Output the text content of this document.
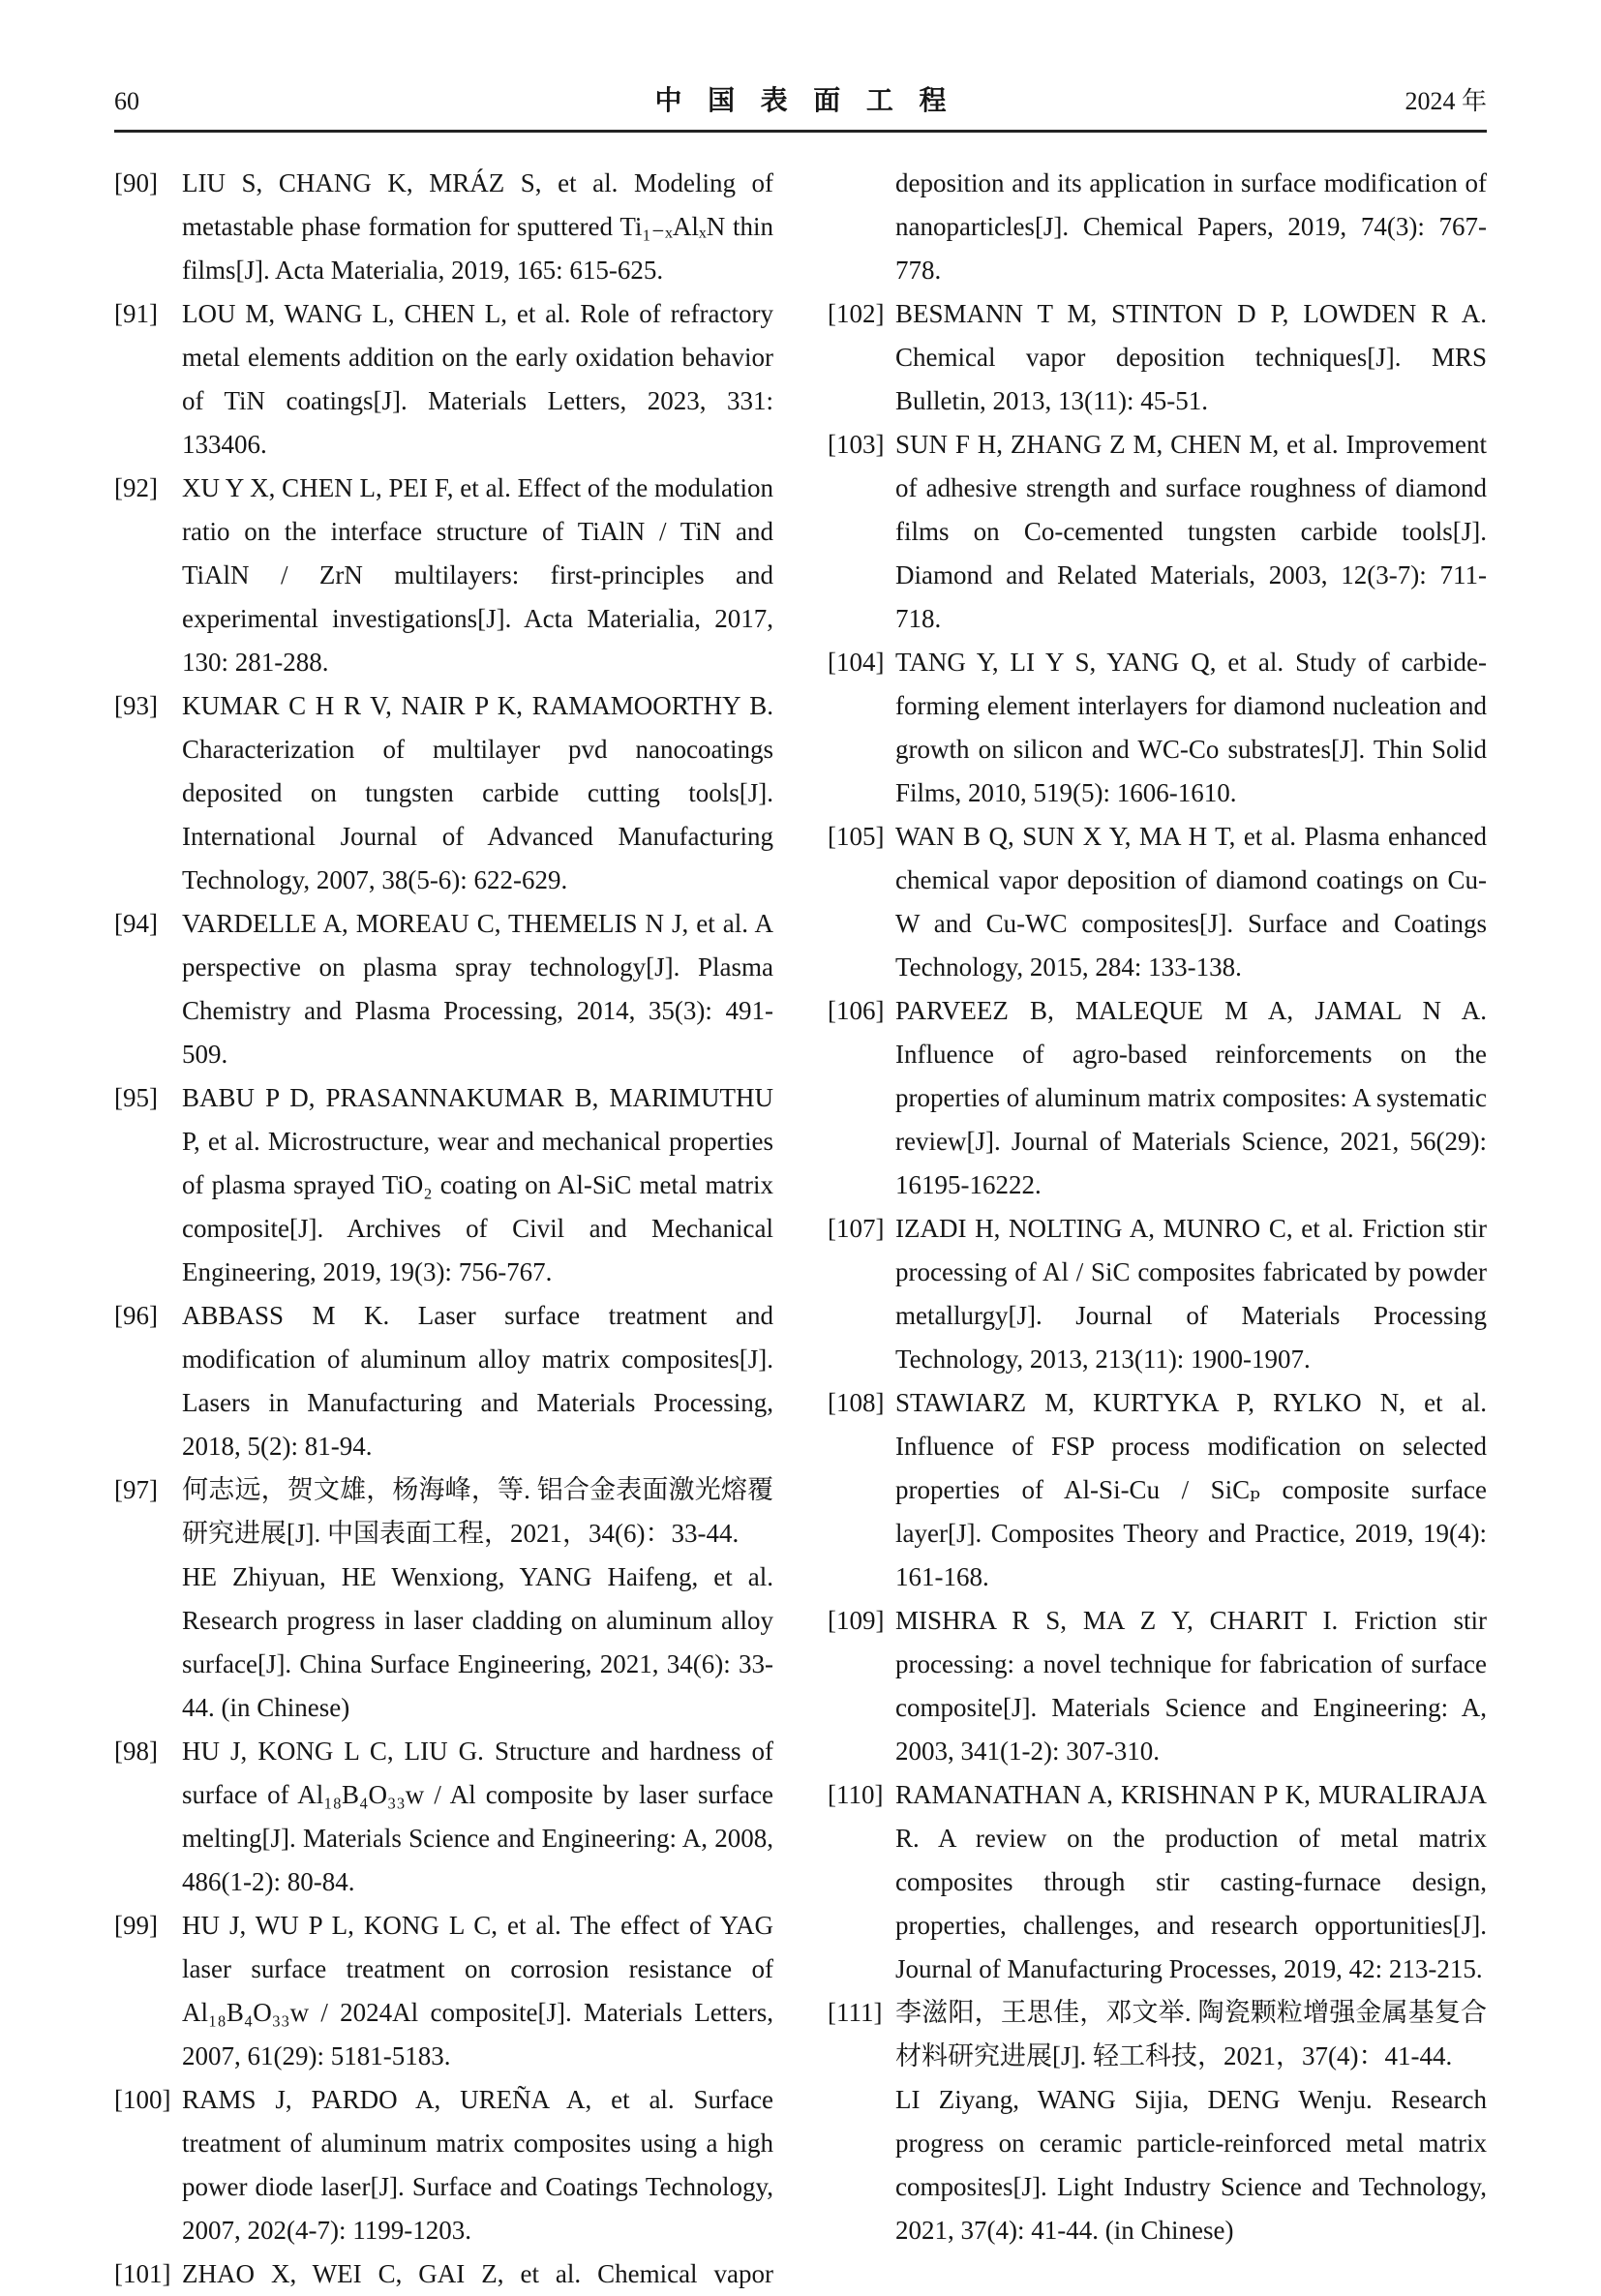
60	中国表面工程	2024 年

[90] LIU S, CHANG K, MRÁZ S, et al. Modeling of metastable phase formation for sputtered Ti₁₋ₓAlₓN thin films[J]. Acta Materialia, 2019, 165: 615-625.

[91] LOU M, WANG L, CHEN L, et al. Role of refractory metal elements addition on the early oxidation behavior of TiN coatings[J]. Materials Letters, 2023, 331: 133406.

[92] XU Y X, CHEN L, PEI F, et al. Effect of the modulation ratio on the interface structure of TiAlN / TiN and TiAlN / ZrN multilayers: first-principles and experimental investigations[J]. Acta Materialia, 2017, 130: 281-288.

[93] KUMAR C H R V, NAIR P K, RAMAMOORTHY B. Characterization of multilayer pvd nanocoatings deposited on tungsten carbide cutting tools[J]. International Journal of Advanced Manufacturing Technology, 2007, 38(5-6): 622-629.

[94] VARDELLE A, MOREAU C, THEMELIS N J, et al. A perspective on plasma spray technology[J]. Plasma Chemistry and Plasma Processing, 2014, 35(3): 491-509.

[95] BABU P D, PRASANNAKUMAR B, MARIMUTHU P, et al. Microstructure, wear and mechanical properties of plasma sprayed TiO₂ coating on Al-SiC metal matrix composite[J]. Archives of Civil and Mechanical Engineering, 2019, 19(3): 756-767.

[96] ABBASS M K. Laser surface treatment and modification of aluminum alloy matrix composites[J]. Lasers in Manufacturing and Materials Processing, 2018, 5(2): 81-94.

[97] 何志远，贺文雄，杨海峰，等. 铝合金表面激光熔覆研究进展[J]. 中国表面工程，2021，34(6)：33-44.

HE Zhiyuan, HE Wenxiong, YANG Haifeng, et al. Research progress in laser cladding on aluminum alloy surface[J]. China Surface Engineering, 2021, 34(6): 33-44. (in Chinese)

[98] HU J, KONG L C, LIU G. Structure and hardness of surface of Al₁₈B₄O₃₃w / Al composite by laser surface melting[J]. Materials Science and Engineering: A, 2008, 486(1-2): 80-84.

[99] HU J, WU P L, KONG L C, et al. The effect of YAG laser surface treatment on corrosion resistance of Al₁₈B₄O₃₃w / 2024Al composite[J]. Materials Letters, 2007, 61(29): 5181-5183.

[100] RAMS J, PARDO A, UREÑA A, et al. Surface treatment of aluminum matrix composites using a high power diode laser[J]. Surface and Coatings Technology, 2007, 202(4-7): 1199-1203.

[101] ZHAO X, WEI C, GAI Z, et al. Chemical vapor

deposition and its application in surface modification of nanoparticles[J]. Chemical Papers, 2019, 74(3): 767-778.

[102] BESMANN T M, STINTON D P, LOWDEN R A. Chemical vapor deposition techniques[J]. MRS Bulletin, 2013, 13(11): 45-51.

[103] SUN F H, ZHANG Z M, CHEN M, et al. Improvement of adhesive strength and surface roughness of diamond films on Co-cemented tungsten carbide tools[J]. Diamond and Related Materials, 2003, 12(3-7): 711-718.

[104] TANG Y, LI Y S, YANG Q, et al. Study of carbide-forming element interlayers for diamond nucleation and growth on silicon and WC-Co substrates[J]. Thin Solid Films, 2010, 519(5): 1606-1610.

[105] WAN B Q, SUN X Y, MA H T, et al. Plasma enhanced chemical vapor deposition of diamond coatings on Cu-W and Cu-WC composites[J]. Surface and Coatings Technology, 2015, 284: 133-138.

[106] PARVEEZ B, MALEQUE M A, JAMAL N A. Influence of agro-based reinforcements on the properties of aluminum matrix composites: A systematic review[J]. Journal of Materials Science, 2021, 56(29): 16195-16222.

[107] IZADI H, NOLTING A, MUNRO C, et al. Friction stir processing of Al / SiC composites fabricated by powder metallurgy[J]. Journal of Materials Processing Technology, 2013, 213(11): 1900-1907.

[108] STAWIARZ M, KURTYKA P, RYLKO N, et al. Influence of FSP process modification on selected properties of Al-Si-Cu / SiCₚ composite surface layer[J]. Composites Theory and Practice, 2019, 19(4): 161-168.

[109] MISHRA R S, MA Z Y, CHARIT I. Friction stir processing: a novel technique for fabrication of surface composite[J]. Materials Science and Engineering: A, 2003, 341(1-2): 307-310.

[110] RAMANATHAN A, KRISHNAN P K, MURALIRAJA R. A review on the production of metal matrix composites through stir casting-furnace design, properties, challenges, and research opportunities[J]. Journal of Manufacturing Processes, 2019, 42: 213-215.

[111] 李滋阳，王思佳，邓文举. 陶瓷颗粒增强金属基复合材料研究进展[J]. 轻工科技，2021，37(4)：41-44.

LI Ziyang, WANG Sijia, DENG Wenju. Research progress on ceramic particle-reinforced metal matrix composites[J]. Light Industry Science and Technology, 2021, 37(4): 41-44. (in Chinese)
